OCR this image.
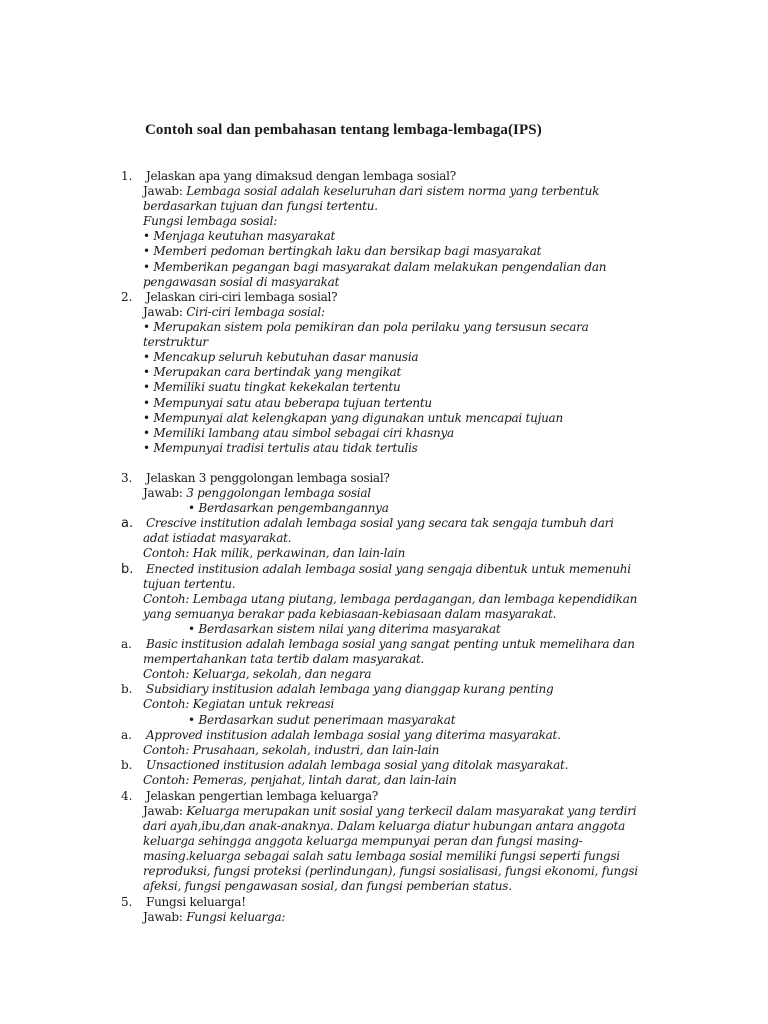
Contoh soal dan pembahasan tentang lembaga-lembaga(IPS)
1. Jelaskan apa yang dimaksud dengan lembaga sosial?
Jawab: Lembaga sosial adalah keseluruhan dari sistem norma yang terbentuk
berdasarkan tujuan dan fungsi tertentu.
Fungsi lembaga sosial:
• Menjaga keutuhan masyarakat
• Memberi pedoman bertingkah laku dan bersikap bagi masyarakat
• Memberikan pegangan bagi masyarakat dalam melakukan pengendalian dan
pengawasan sosial di masyarakat
2. Jelaskan ciri-ciri lembaga sosial?
Jawab: Ciri-ciri lembaga sosial:
• Merupakan sistem pola pemikiran dan pola perilaku yang tersusun secara
terstruktur
• Mencakup seluruh kebutuhan dasar manusia
• Merupakan cara bertindak yang mengikat
• Memiliki suatu tingkat kekekalan tertentu
• Mempunyai satu atau beberapa tujuan tertentu
• Mempunyai alat kelengkapan yang digunakan untuk mencapai tujuan
• Memiliki lambang atau simbol sebagai ciri khasnya
• Mempunyai tradisi tertulis atau tidak tertulis
3. Jelaskan 3 penggolongan lembaga sosial?
Jawab: 3 penggolongan lembaga sosial
• Berdasarkan pengembangannya
a. Crescive institution adalah lembaga sosial yang secara tak sengaja tumbuh dari
adat istiadat masyarakat.
Contoh: Hak milik, perkawinan, dan lain-lain
b. Enected institusion adalah lembaga sosial yang sengaja dibentuk untuk memenuhi
tujuan tertentu.
Contoh: Lembaga utang piutang, lembaga perdagangan, dan lembaga kependidikan
yang semuanya berakar pada kebiasaan-kebiasaan dalam masyarakat.
• Berdasarkan sistem nilai yang diterima masyarakat
a. Basic institusion adalah lembaga sosial yang sangat penting untuk memelihara dan
mempertahankan tata tertib dalam masyarakat.
Contoh: Keluarga, sekolah, dan negara
b. Subsidiary institusion adalah lembaga yang dianggap kurang penting
Contoh: Kegiatan untuk rekreasi
• Berdasarkan sudut penerimaan masyarakat
a. Approved institusion adalah lembaga sosial yang diterima masyarakat.
Contoh: Prusahaan, sekolah, industri, dan lain-lain
b. Unsactioned institusion adalah lembaga sosial yang ditolak masyarakat.
Contoh: Pemeras, penjahat, lintah darat, dan lain-lain
4. Jelaskan pengertian lembaga keluarga?
Jawab: Keluarga merupakan unit sosial yang terkecil dalam masyarakat yang terdiri
dari ayah,ibu,dan anak-anaknya. Dalam keluarga diatur hubungan antara anggota
keluarga sehingga anggota keluarga mempunyai peran dan fungsi masing-
masing.keluarga sebagai salah satu lembaga sosial memiliki fungsi seperti fungsi
reproduksi, fungsi proteksi (perlindungan), fungsi sosialisasi, fungsi ekonomi, fungsi
afeksi, fungsi pengawasan sosial, dan fungsi pemberian status.
5. Fungsi keluarga!
Jawab: Fungsi keluarga:
